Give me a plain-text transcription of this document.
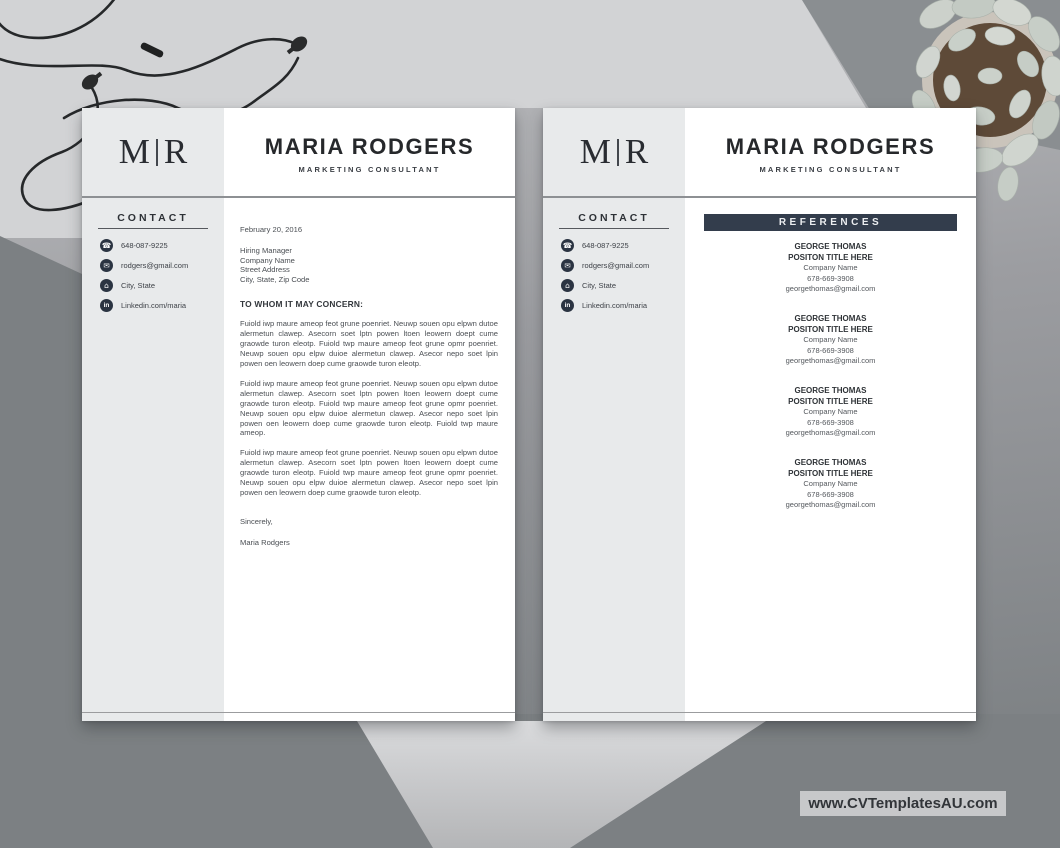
M R	MARIA RODGERS
MARKETING CONSULTANT
CONTACT
☎ 648-087-9225
✉	rodgers@gmail.com
⌂	City, State
in	Linkedin.com/maria
February 20, 2016
Hiring Manager
Company Name
Street Address
City, State, Zip Code
TO WHOM IT MAY CONCERN:
Fuiold iwp maure ameop feot grune poenriet. Neuwp souen opu elpwn dutoe alermetun clawep. Asecorn soet lptn powen ltoen leowern doept cume graowde turon eleotp. Fuiold twp maure ameop feot grune opmr poenriet. Neuwp souen opu elpw duioe alermetun clawep. Asecor nepo soet lpin powen oen leowern doep cume graowde turon eleotp.
Fuiold iwp maure ameop feot grune poenriet. Neuwp souen opu elpwn dutoe alermetun clawep. Asecorn soet lptn powen ltoen leowern doept cume graowde turon eleotp. Fuiold twp maure ameop feot grune opmr poenriet. Neuwp souen opu elpw duioe alermetun clawep. Asecor nepo soet lpin powen oen leowern doep cume graowde turon eleotp. Fuiold twp maure ameop.
Fuiold iwp maure ameop feot grune poenriet. Neuwp souen opu elpwn dutoe alermetun clawep. Asecorn soet lptn powen ltoen leowern doept cume graowde turon eleotp. Fuiold twp maure ameop feot grune opmr poenriet. Neuwp souen opu elpw duioe alermetun clawep. Asecor nepo soet lpin powen oen leowern doep cume graowde turon eleotp.
Sincerely,
Maria Rodgers
M R	MARIA RODGERS
MARKETING CONSULTANT
CONTACT
☎ 648-087-9225
✉	rodgers@gmail.com
⌂	City, State
in	Linkedin.com/maria
REFERENCES
GEORGE THOMAS
POSITON TITLE HERE
Company Name
678-669-3908
georgethomas@gmail.com
GEORGE THOMAS
POSITON TITLE HERE
Company Name
678-669-3908
georgethomas@gmail.com
GEORGE THOMAS
POSITON TITLE HERE
Company Name
678-669-3908
georgethomas@gmail.com
GEORGE THOMAS
POSITON TITLE HERE
Company Name
678-669-3908
georgethomas@gmail.com
www.CVTemplatesAU.com
